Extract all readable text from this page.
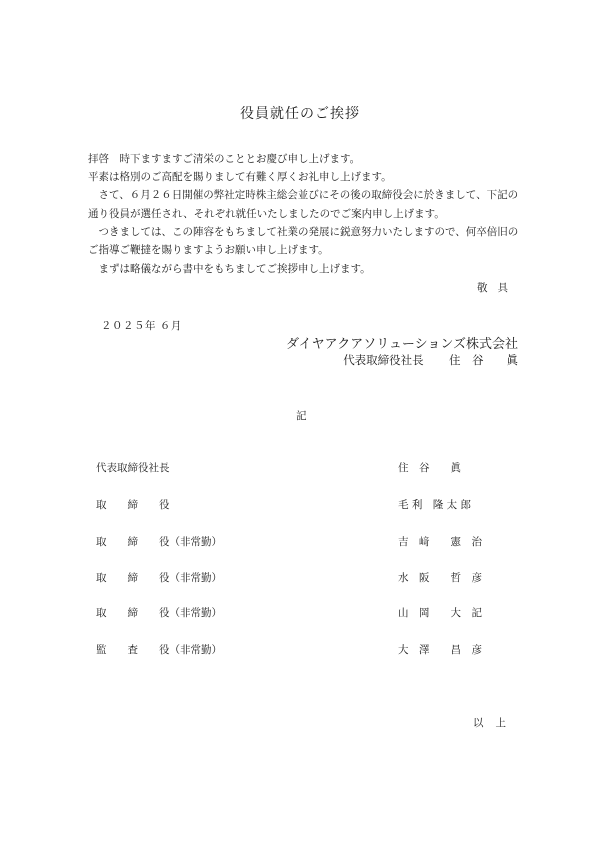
役員就任のご挨拶
拝啓　時下ますますご清栄のこととお慶び申し上げます。
平素は格別のご高配を賜りまして有難く厚くお礼申し上げます。
　さて、６月２６日開催の弊社定時株主総会並びにその後の取締役会に於きまして、下記の
通り役員が選任され、それぞれ就任いたしましたのでご案内申し上げます。
　つきましては、この陣容をもちまして社業の発展に鋭意努力いたしますので、何卒倍旧の
ご指導ご鞭撻を賜りますようお願い申し上げます。
　まずは略儀ながら書中をもちましてご挨拶申し上げます。
敬具
２０２５年 ６月
ダイヤアクアソリューションズ株式会社
代表取締役社長 住　谷　　眞
記
代表取締役社長	住　谷　　眞
取　　締　　役	毛 利　隆 太 郎
取　　締　　役（非常勤）	吉　﨑　　憲　治
取　　締　　役（非常勤）	水　阪　　哲　彦
取　　締　　役（非常勤）	山　岡　　大　記
監　　査　　役（非常勤）	大　澤　　昌　彦
以上
